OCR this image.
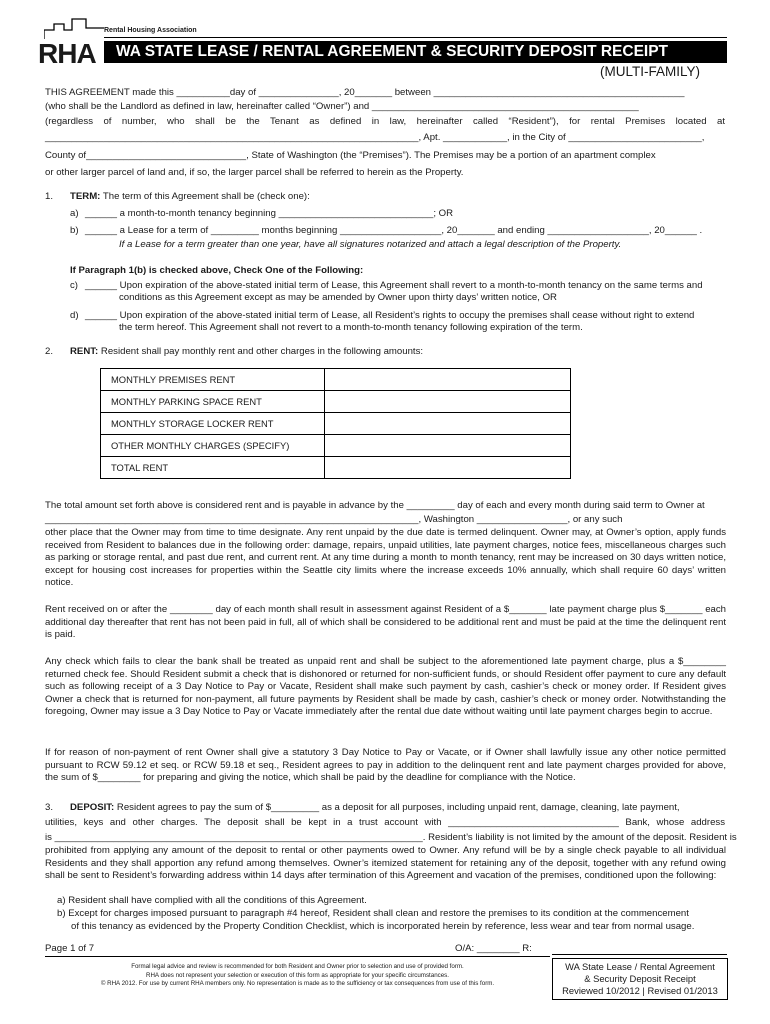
RHA
Rental Housing Association
WA STATE LEASE / RENTAL AGREEMENT & SECURITY DEPOSIT RECEIPT
(MULTI-FAMILY)
THIS AGREEMENT made this __________day of _______________, 20_______ between _______________________________________________
(who shall be the Landlord as defined in law, hereinafter called “Owner”) and __________________________________________________
(regardless of number, who shall be the Tenant as defined in law, hereinafter called “Resident”), for rental Premises located at
______________________________________________________________________, Apt. ____________, in the City of _________________________,
County of______________________________, State of Washington (the “Premises”). The Premises may be a portion of an apartment complex
or other larger parcel of land and, if so, the larger parcel shall be referred to herein as the Property.
1. TERM: The term of this Agreement shall be (check one):
a) ______ a month-to-month tenancy beginning _____________________________; OR
b) ______ a Lease for a term of _________ months beginning ___________________, 20_______ and ending ___________________, 20______ .
If a Lease for a term greater than one year, have all signatures notarized and attach a legal description of the Property.
If Paragraph 1(b) is checked above, Check One of the Following:
c) ______ Upon expiration of the above-stated initial term of Lease, this Agreement shall revert to a month-to-month tenancy on the same terms and
conditions as this Agreement except as may be amended by Owner upon thirty days’ written notice, OR
d) ______ Upon expiration of the above-stated initial term of Lease, all Resident’s rights to occupy the premises shall cease without right to extend
the term hereof. This Agreement shall not revert to a month-to-month tenancy following expiration of the term.
2. RENT: Resident shall pay monthly rent and other charges in the following amounts:
MONTHLY PREMISES RENT	
MONTHLY PARKING SPACE RENT	
MONTHLY STORAGE LOCKER RENT	
OTHER MONTHLY CHARGES (SPECIFY)	
TOTAL RENT	
The total amount set forth above is considered rent and is payable in advance by the _________ day of each and every month during said term to Owner at
______________________________________________________________________, Washington _________________, or any such
other place that the Owner may from time to time designate. Any rent unpaid by the due date is termed delinquent. Owner may, at Owner’s option, apply funds received from Resident to balances due in the following order: damage, repairs, unpaid utilities, late payment charges, notice fees, miscellaneous charges such as parking or storage rental, and past due rent, and current rent. At any time during a month to month tenancy, rent may be increased on 30 days written notice, except for housing cost increases for properties within the Seattle city limits where the increase exceeds 10% annually, which shall require 60 days’ written notice.
Rent received on or after the ________ day of each month shall result in assessment against Resident of a $_______ late payment charge plus $_______ each additional day thereafter that rent has not been paid in full, all of which shall be considered to be additional rent and must be paid at the time the delinquent rent is paid.
Any check which fails to clear the bank shall be treated as unpaid rent and shall be subject to the aforementioned late payment charge, plus a $________ returned check fee. Should Resident submit a check that is dishonored or returned for non-sufficient funds, or should Resident offer payment to cure any default such as following receipt of a 3 Day Notice to Pay or Vacate, Resident shall make such payment by cash, cashier’s check or money order. If Resident gives Owner a check that is returned for non-payment, all future payments by Resident shall be made by cash, cashier’s check or money order. Notwithstanding the foregoing, Owner may issue a 3 Day Notice to Pay or Vacate immediately after the rental due date without waiting until late payment charges begin to accrue.
If for reason of non-payment of rent Owner shall give a statutory 3 Day Notice to Pay or Vacate, or if Owner shall lawfully issue any other notice permitted pursuant to RCW 59.12 et seq. or RCW 59.18 et seq., Resident agrees to pay in addition to the delinquent rent and late payment charges provided for above, the sum of $________ for preparing and giving the notice, which shall be paid by the deadline for compliance with the Notice.
3. DEPOSIT: Resident agrees to pay the sum of $_________ as a deposit for all purposes, including unpaid rent, damage, cleaning, late payment,
utilities, keys and other charges. The deposit shall be kept in a trust account with ________________________________ Bank, whose address
is _____________________________________________________________________. Resident’s liability is not limited by the amount of the deposit. Resident is
prohibited from applying any amount of the deposit to rental or other payments owed to Owner. Any refund will be by a single check payable to all individual Residents and they shall apportion any refund among themselves. Owner’s itemized statement for retaining any of the deposit, together with any refund owing shall be sent to Resident’s forwarding address within 14 days after termination of this Agreement and vacation of the premises, conditioned upon the following:
a) Resident shall have complied with all the conditions of this Agreement.
b) Except for charges imposed pursuant to paragraph #4 hereof, Resident shall clean and restore the premises to its condition at the commencement
of this tenancy as evidenced by the Property Condition Checklist, which is incorporated herein by reference, less wear and tear from normal usage.
Page 1 of 7	O/A: ________ R:
Formal legal advice and review is recommended for both Resident and Owner prior to selection and use of provided form.
RHA does not represent your selection or execution of this form as appropriate for your specific circumstances.
© RHA 2012. For use by current RHA members only. No representation is made as to the sufficiency or tax consequences from use of this form.
WA State Lease / Rental Agreement
& Security Deposit Receipt
Reviewed 10/2012 | Revised 01/2013
